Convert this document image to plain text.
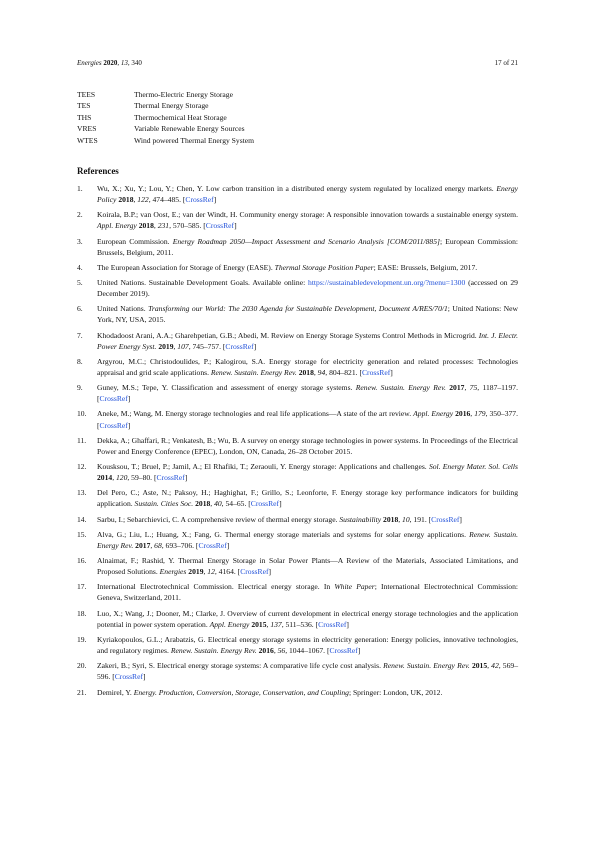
Energies 2020, 13, 340	17 of 21
TEES	Thermo-Electric Energy Storage
TES	Thermal Energy Storage
THS	Thermochemical Heat Storage
VRES	Variable Renewable Energy Sources
WTES	Wind powered Thermal Energy System
References
1.	Wu, X.; Xu, Y.; Lou, Y.; Chen, Y. Low carbon transition in a distributed energy system regulated by localized energy markets. Energy Policy 2018, 122, 474–485. [CrossRef]
2.	Koirala, B.P.; van Oost, E.; van der Windt, H. Community energy storage: A responsible innovation towards a sustainable energy system. Appl. Energy 2018, 231, 570–585. [CrossRef]
3.	European Commission. Energy Roadmap 2050—Impact Assessment and Scenario Analysis [COM/2011/885]; European Commission: Brussels, Belgium, 2011.
4.	The European Association for Storage of Energy (EASE). Thermal Storage Position Paper; EASE: Brussels, Belgium, 2017.
5.	United Nations. Sustainable Development Goals. Available online: https://sustainabledevelopment.un.org/?menu=1300 (accessed on 29 December 2019).
6.	United Nations. Transforming our World: The 2030 Agenda for Sustainable Development, Document A/RES/70/1; United Nations: New York, NY, USA, 2015.
7.	Khodadoost Arani, A.A.; Gharehpetian, G.B.; Abedi, M. Review on Energy Storage Systems Control Methods in Microgrid. Int. J. Electr. Power Energy Syst. 2019, 107, 745–757. [CrossRef]
8.	Argyrou, M.C.; Christodoulides, P.; Kalogirou, S.A. Energy storage for electricity generation and related processes: Technologies appraisal and grid scale applications. Renew. Sustain. Energy Rev. 2018, 94, 804–821. [CrossRef]
9.	Guney, M.S.; Tepe, Y. Classification and assessment of energy storage systems. Renew. Sustain. Energy Rev. 2017, 75, 1187–1197. [CrossRef]
10.	Aneke, M.; Wang, M. Energy storage technologies and real life applications—A state of the art review. Appl. Energy 2016, 179, 350–377. [CrossRef]
11.	Dekka, A.; Ghaffari, R.; Venkatesh, B.; Wu, B. A survey on energy storage technologies in power systems. In Proceedings of the Electrical Power and Energy Conference (EPEC), London, ON, Canada, 26–28 October 2015.
12.	Kousksou, T.; Bruel, P.; Jamil, A.; El Rhafiki, T.; Zeraouli, Y. Energy storage: Applications and challenges. Sol. Energy Mater. Sol. Cells 2014, 120, 59–80. [CrossRef]
13.	Del Pero, C.; Aste, N.; Paksoy, H.; Haghighat, F.; Grillo, S.; Leonforte, F. Energy storage key performance indicators for building application. Sustain. Cities Soc. 2018, 40, 54–65. [CrossRef]
14.	Sarbu, I.; Sebarchievici, C. A comprehensive review of thermal energy storage. Sustainability 2018, 10, 191. [CrossRef]
15.	Alva, G.; Liu, L.; Huang, X.; Fang, G. Thermal energy storage materials and systems for solar energy applications. Renew. Sustain. Energy Rev. 2017, 68, 693–706. [CrossRef]
16.	Alnaimat, F.; Rashid, Y. Thermal Energy Storage in Solar Power Plants—A Review of the Materials, Associated Limitations, and Proposed Solutions. Energies 2019, 12, 4164. [CrossRef]
17.	International Electrotechnical Commission. Electrical energy storage. In White Paper; International Electrotechnical Commission: Geneva, Switzerland, 2011.
18.	Luo, X.; Wang, J.; Dooner, M.; Clarke, J. Overview of current development in electrical energy storage technologies and the application potential in power system operation. Appl. Energy 2015, 137, 511–536. [CrossRef]
19.	Kyriakopoulos, G.L.; Arabatzis, G. Electrical energy storage systems in electricity generation: Energy policies, innovative technologies, and regulatory regimes. Renew. Sustain. Energy Rev. 2016, 56, 1044–1067. [CrossRef]
20.	Zakeri, B.; Syri, S. Electrical energy storage systems: A comparative life cycle cost analysis. Renew. Sustain. Energy Rev. 2015, 42, 569–596. [CrossRef]
21.	Demirel, Y. Energy. Production, Conversion, Storage, Conservation, and Coupling; Springer: London, UK, 2012.
